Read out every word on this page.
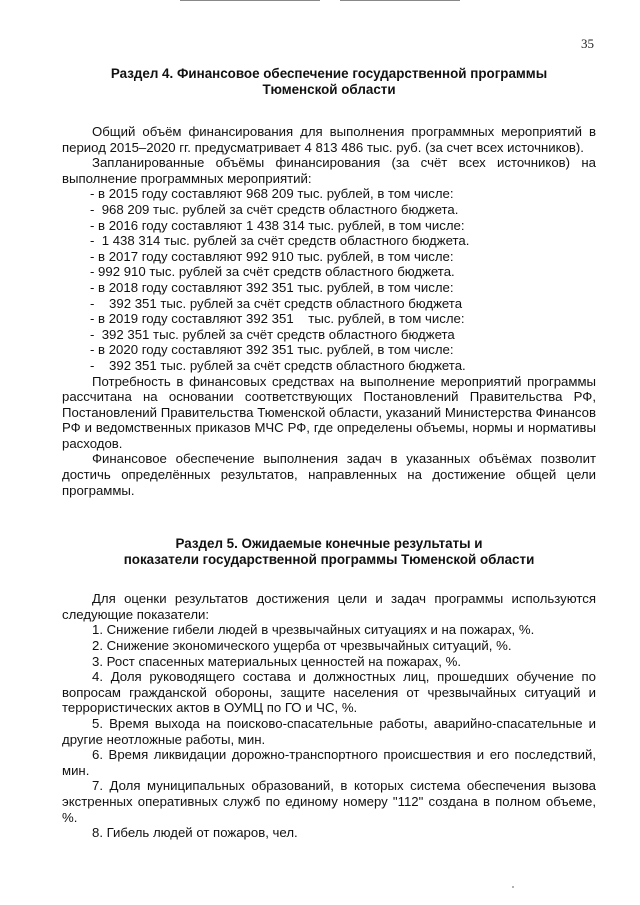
35
Раздел 4. Финансовое обеспечение государственной программы
Тюменской области

Общий объём финансирования для выполнения программных мероприятий в период 2015–2020 гг. предусматривает 4 813 486 тыс. руб. (за счет всех источников).

Запланированные объёмы финансирования (за счёт всех источников) на выполнение программных мероприятий:

- в 2015 году составляют 968 209 тыс. рублей, в том числе:
-  968 209 тыс. рублей за счёт средств областного бюджета.
- в 2016 году составляют 1 438 314 тыс. рублей, в том числе:
-  1 438 314 тыс. рублей за счёт средств областного бюджета.
- в 2017 году составляют 992 910 тыс. рублей, в том числе:
- 992 910 тыс. рублей за счёт средств областного бюджета.
- в 2018 году составляют 392 351 тыс. рублей, в том числе:
-    392 351 тыс. рублей за счёт средств областного бюджета
- в 2019 году составляют 392 351    тыс. рублей, в том числе:
-  392 351 тыс. рублей за счёт средств областного бюджета
- в 2020 году составляют 392 351 тыс. рублей, в том числе:
-    392 351 тыс. рублей за счёт средств областного бюджета.

Потребность в финансовых средствах на выполнение мероприятий программы рассчитана на основании соответствующих Постановлений Правительства РФ, Постановлений Правительства Тюменской области, указаний Министерства Финансов РФ и ведомственных приказов МЧС РФ, где определены объемы, нормы и нормативы расходов.

Финансовое обеспечение выполнения задач в указанных объёмах позволит достичь определённых результатов, направленных на достижение общей цели программы.

Раздел 5. Ожидаемые конечные результаты и
показатели государственной программы Тюменской области

Для оценки результатов достижения цели и задач программы используются следующие показатели:

1. Снижение гибели людей в чрезвычайных ситуациях и на пожарах, %.

2. Снижение экономического ущерба от чрезвычайных ситуаций, %.

3. Рост спасенных материальных ценностей на пожарах, %.

4. Доля руководящего состава и должностных лиц, прошедших обучение по вопросам гражданской обороны, защите населения от чрезвычайных ситуаций и террористических актов в ОУМЦ по ГО и ЧС, %.

5. Время выхода на поисково-спасательные работы, аварийно-спасательные и другие неотложные работы, мин.

6. Время ликвидации дорожно-транспортного происшествия и его последствий, мин.

7. Доля муниципальных образований, в которых система обеспечения вызова экстренных оперативных служб по единому номеру "112" создана в полном объеме, %.

8. Гибель людей от пожаров, чел.
